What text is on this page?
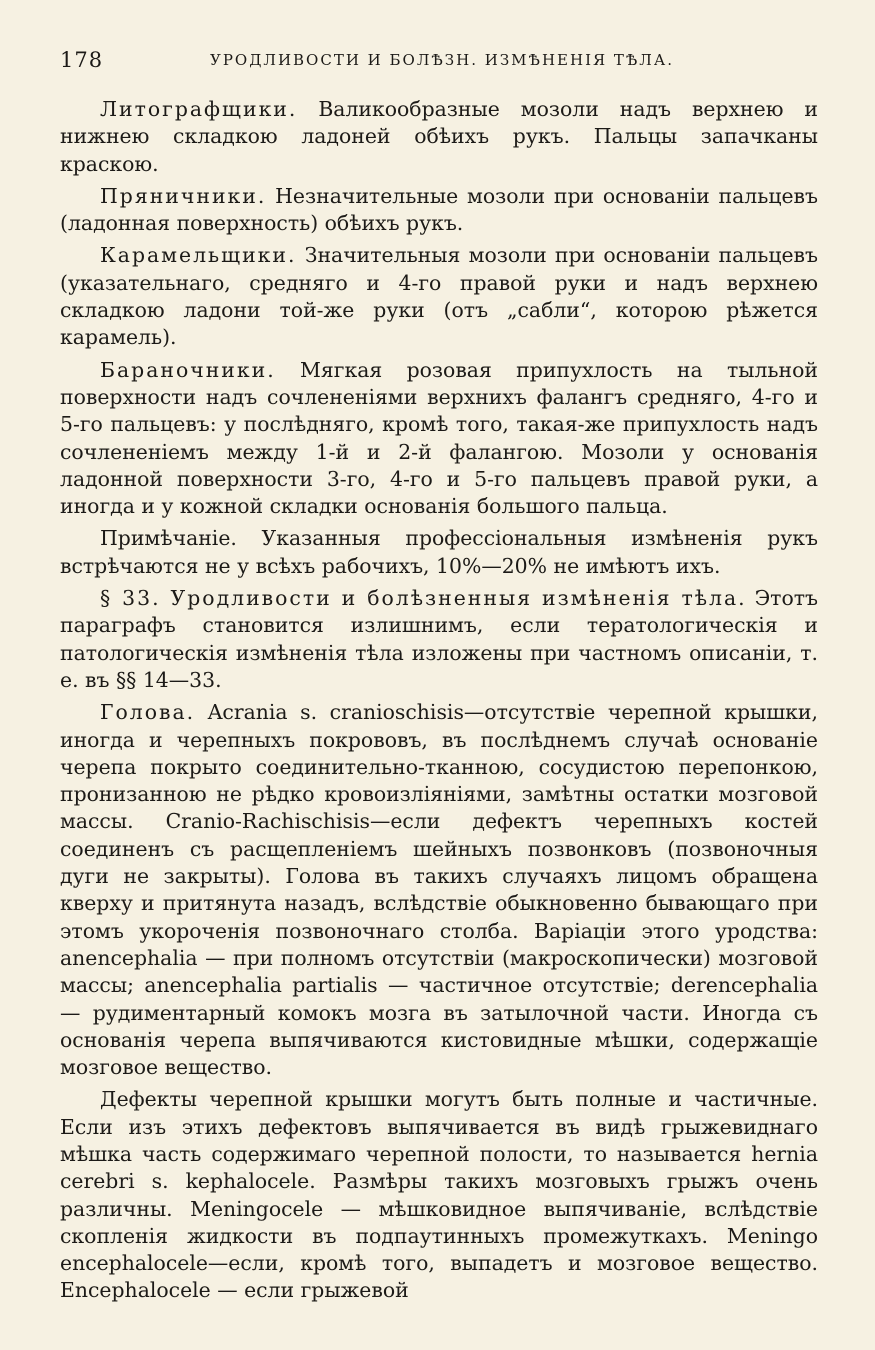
178	УРОДЛИВОСТИ И БОЛѢЗН. ИЗМѢНЕНІЯ ТѢЛА.

Литографщики. Валикообразные мозоли надъ верхнею и нижнею складкою ладоней обѣихъ рукъ. Пальцы запачканы краскою.

Пряничники. Незначительные мозоли при основаніи пальцевъ (ладонная поверхность) обѣихъ рукъ.

Карамельщики. Значительныя мозоли при основаніи пальцевъ (указательнаго, средняго и 4-го правой руки и надъ верхнею складкою ладони той-же руки (отъ „сабли“, которою рѣжется карамель).

Бараночники. Мягкая розовая припухлость на тыльной поверхности надъ сочлененіями верхнихъ фалангъ средняго, 4-го и 5-го пальцевъ: у послѣдняго, кромѣ того, такая-же припухлость надъ сочлененіемъ между 1-й и 2-й фалангою. Мозоли у основанія ладонной поверхности 3-го, 4-го и 5-го пальцевъ правой руки, а иногда и у кожной складки основанія большого пальца.

Примѣчаніе. Указанныя профессіональныя измѣненія рукъ встрѣчаются не у всѣхъ рабочихъ, 10%—20% не имѣютъ ихъ.

§ 33. Уродливости и болѣзненныя измѣненія тѣла. Этотъ параграфъ становится излишнимъ, если тератологическія и патологическія измѣненія тѣла изложены при частномъ описаніи, т. е. въ §§ 14—33.

Голова. Acrania s. cranioschisis—отсутствіе черепной крышки, иногда и черепныхъ покрововъ, въ послѣднемъ случаѣ основаніе черепа покрыто соединительно-тканною, сосудистою перепонкою, пронизанною не рѣдко кровоизліяніями, замѣтны остатки мозговой массы. Cranio-Rachischisis—если дефектъ черепныхъ костей соединенъ съ расщепленіемъ шейныхъ позвонковъ (позвоночныя дуги не закрыты). Голова въ такихъ случаяхъ лицомъ обращена кверху и притянута назадъ, вслѣдствіе обыкновенно бывающаго при этомъ укороченія позвоночнаго столба. Варіаціи этого уродства: anencephalia — при полномъ отсутствіи (макроскопически) мозговой массы; anencephalia partialis — частичное отсутствіе; derencephalia — рудиментарный комокъ мозга въ затылочной части. Иногда съ основанія черепа выпячиваются кистовидные мѣшки, содержащіе мозговое вещество.

Дефекты черепной крышки могутъ быть полные и частичные. Если изъ этихъ дефектовъ выпячивается въ видѣ грыжевиднаго мѣшка часть содержимаго черепной полости, то называется hernia cerebri s. kephalocele. Размѣры такихъ мозговыхъ грыжъ очень различны. Meningocele — мѣшковидное выпячиваніе, вслѣдствіе скопленія жидкости въ подпаутинныхъ промежуткахъ. Meningo encephalocele—если, кромѣ того, выпадетъ и мозговое вещество. Encephalocele — если грыжевой
